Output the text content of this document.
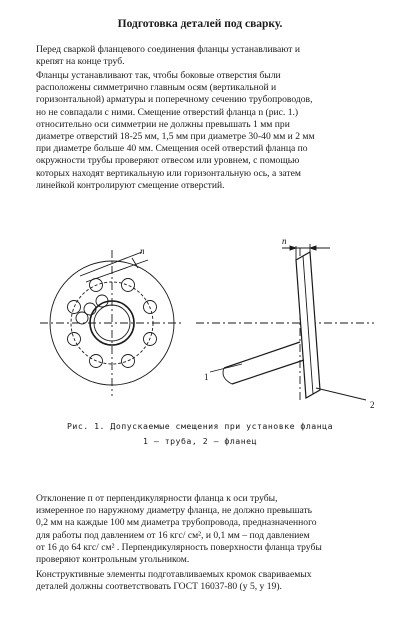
Подготовка деталей под сварку.
Перед сваркой фланцевого соединения фланцы устанавливают и
крепят на конце труб.
Фланцы устанавливают так, чтобы боковые отверстия были
расположены симметрично главным осям (вертикальной и
горизонтальной) арматуры и поперечному сечению трубопроводов,
но не совпадали с ними. Смещение отверстий фланца n (рис. 1.)
относительно оси симметрии не должны превышать 1 мм при
диаметре отверстий 18-25 мм, 1,5 мм при диаметре 30-40 мм и 2 мм
при диаметре больше 40 мм. Смещения осей отверстий фланца по
окружности трубы проверяют отвесом или уровнем, с помощью
которых находят вертикальную или горизонтальную ось, а затем
линейкой контролируют смещение отверстий.
n
n
1
2
Рис. 1. Допускаемые смещения при установке фланца
1 – труба, 2 – фланец
Отклонение п от перпендикулярности фланца к оси трубы,
измеренное по наружному диаметру фланца, не должно превышать
0,2 мм на каждые 100 мм диаметра трубопровода, предназначенного
для работы под давлением от 16 кгс/ см², и 0,1 мм – под давлением
от 16 до 64 кгс/ см² . Перпендикулярность поверхности фланца трубы
проверяют контрольным угольником.
Конструктивные элементы подготавливаемых кромок свариваемых
деталей должны соответствовать ГОСТ 16037-80 (у 5, у 19).
